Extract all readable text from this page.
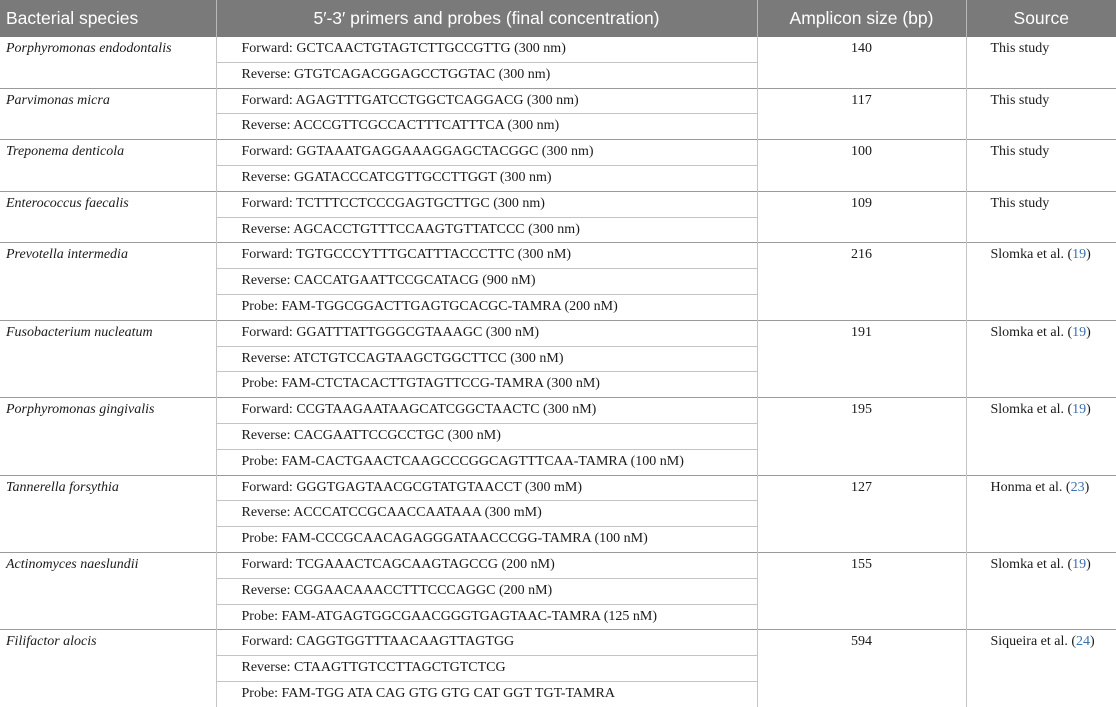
Bacterial species	5′-3′ primers and probes (final concentration)	Amplicon size (bp)	Source
Porphyromonas endodontalis	Forward: GCTCAACTGTAGTCTTGCCGTTG (300 nm)	140	This study
	Reverse: GTGTCAGACGGAGCCTGGTAC (300 nm)		
Parvimonas micra	Forward: AGAGTTTGATCCTGGCTCAGGACG (300 nm)	117	This study
	Reverse: ACCCGTTCGCCACTTTCATTTCA (300 nm)		
Treponema denticola	Forward: GGTAAATGAGGAAAGGAGCTACGGC (300 nm)	100	This study
	Reverse: GGATACCCATCGTTGCCTTGGT (300 nm)		
Enterococcus faecalis	Forward: TCTTTCCTCCCGAGTGCTTGC (300 nm)	109	This study
	Reverse: AGCACCTGTTTCCAAGTGTTATCCC (300 nm)		
Prevotella intermedia	Forward: TGTGCCCYTTTGCATTTACCCTTC (300 nM)	216	Slomka et al. (19)
	Reverse: CACCATGAATTCCGCATACG (900 nM)		
	Probe: FAM-TGGCGGACTTGAGTGCACGC-TAMRA (200 nM)		
Fusobacterium nucleatum	Forward: GGATTTATTGGGCGTAAAGC (300 nM)	191	Slomka et al. (19)
	Reverse: ATCTGTCCAGTAAGCTGGCTTCC (300 nM)		
	Probe: FAM-CTCTACACTTGTAGTTCCG-TAMRA (300 nM)		
Porphyromonas gingivalis	Forward: CCGTAAGAATAAGCATCGGCTAACTC (300 nM)	195	Slomka et al. (19)
	Reverse: CACGAATTCCGCCTGC (300 nM)		
	Probe: FAM-CACTGAACTCAAGCCCGGCAGTTTCAA-TAMRA (100 nM)		
Tannerella forsythia	Forward: GGGTGAGTAACGCGTATGTAACCT (300 mM)	127	Honma et al. (23)
	Reverse: ACCCATCCGCAACCAATAAA (300 mM)		
	Probe: FAM-CCCGCAACAGAGGGATAACCCGG-TAMRA (100 nM)		
Actinomyces naeslundii	Forward: TCGAAACTCAGCAAGTAGCCG (200 nM)	155	Slomka et al. (19)
	Reverse: CGGAACAAACCTTTCCCAGGC (200 nM)		
	Probe: FAM-ATGAGTGGCGAACGGGTGAGTAAC-TAMRA (125 nM)		
Filifactor alocis	Forward: CAGGTGGTTTAACAAGTTAGTGG	594	Siqueira et al. (24)
	Reverse: CTAAGTTGTCCTTAGCTGTCTCG		
	Probe: FAM-TGG ATA CAG GTG GTG CAT GGT TGT-TAMRA		
